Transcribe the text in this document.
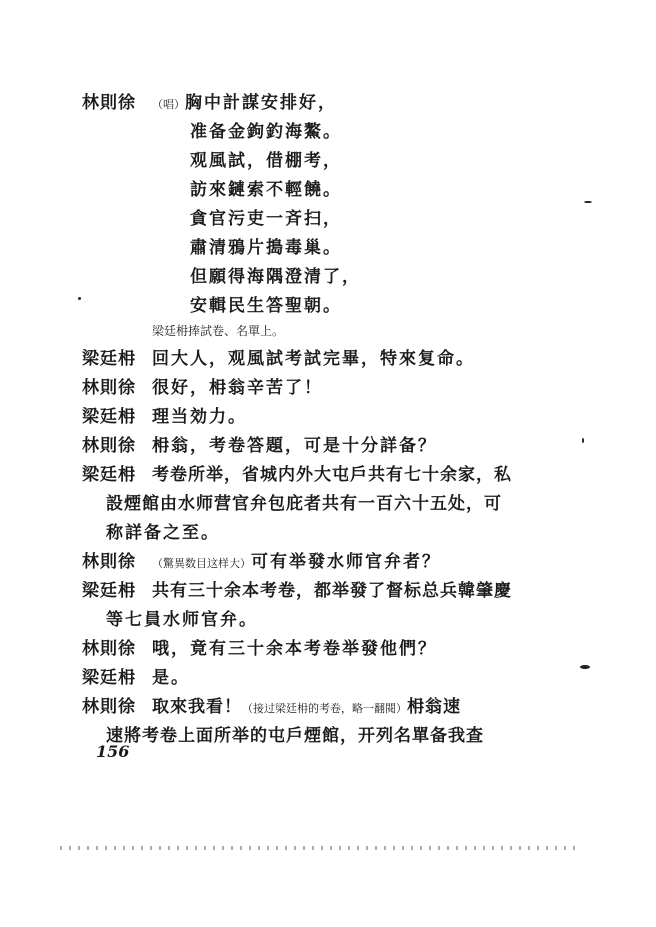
林則徐 （唱）胸中計謀安排好，
准备金鉤釣海鰲。
观風試，借棚考，
訪來鏈索不輕饒。
貪官污吏一斉扫，
肅清鴉片搗毒巢。
但願得海隅澄清了，
安輯民生答聖朝。
梁廷枏捧試卷、名單上。
梁廷枏 回大人，观風試考試完畢，特來复命。
林則徐 很好，枏翁辛苦了！
梁廷枏 理当効力。
林則徐 枏翁，考卷答題，可是十分詳备？
梁廷枏 考卷所举，省城内外大屯戶共有七十余家，私
設煙館由水师营官弁包庇者共有一百六十五处，可
称詳备之至。
林則徐 （驚異数目这样大）可有举發水师官弁者？
梁廷枏 共有三十余本考卷，都举發了督标总兵韓肇慶
等七員水师官弁。
林則徐 哦，竟有三十余本考卷举發他們？
梁廷枏 是。
林則徐 取來我看！（接过梁廷枏的考卷，略一翻閱）枏翁速
速將考卷上面所举的屯戶煙館，开列名單备我查
156
